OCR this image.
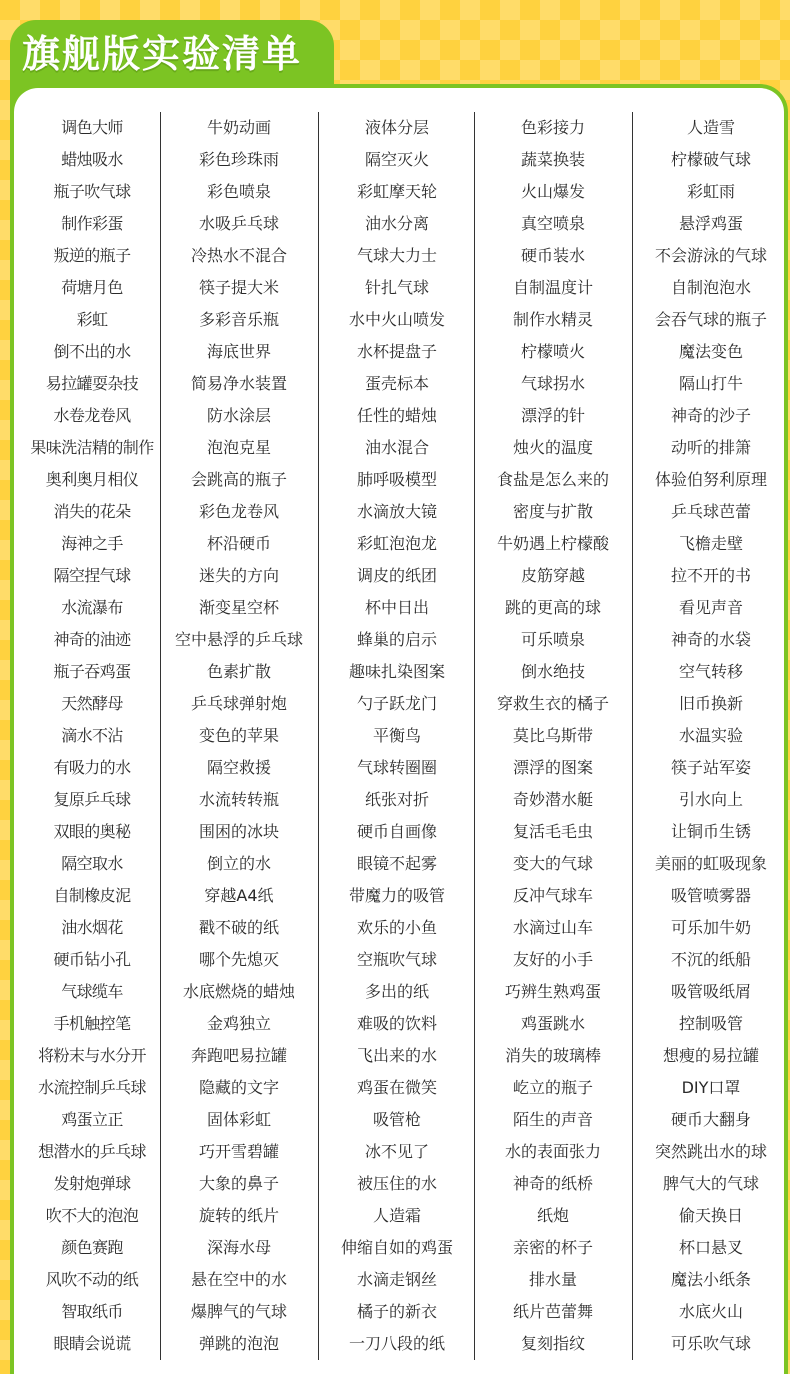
旗舰版实验清单
调色大师
蜡烛吸水
瓶子吹气球
制作彩蛋
叛逆的瓶子
荷塘月色
彩虹
倒不出的水
易拉罐耍杂技
水卷龙卷风
果味洗洁精的制作
奥利奥月相仪
消失的花朵
海神之手
隔空捏气球
水流瀑布
神奇的油迹
瓶子吞鸡蛋
天然酵母
滴水不沾
有吸力的水
复原乒乓球
双眼的奥秘
隔空取水
自制橡皮泥
油水烟花
硬币钻小孔
气球缆车
手机触控笔
将粉末与水分开
水流控制乒乓球
鸡蛋立正
想潜水的乒乓球
发射炮弹球
吹不大的泡泡
颜色赛跑
风吹不动的纸
智取纸币
眼睛会说谎
牛奶动画
彩色珍珠雨
彩色喷泉
水吸乒乓球
冷热水不混合
筷子提大米
多彩音乐瓶
海底世界
简易净水装置
防水涂层
泡泡克星
会跳高的瓶子
彩色龙卷风
杯沿硬币
迷失的方向
渐变星空杯
空中悬浮的乒乓球
色素扩散
乒乓球弹射炮
变色的苹果
隔空救援
水流转转瓶
围困的冰块
倒立的水
穿越A4纸
戳不破的纸
哪个先熄灭
水底燃烧的蜡烛
金鸡独立
奔跑吧易拉罐
隐藏的文字
固体彩虹
巧开雪碧罐
大象的鼻子
旋转的纸片
深海水母
悬在空中的水
爆脾气的气球
弹跳的泡泡
液体分层
隔空灭火
彩虹摩天轮
油水分离
气球大力士
针扎气球
水中火山喷发
水杯提盘子
蛋壳标本
任性的蜡烛
油水混合
肺呼吸模型
水滴放大镜
彩虹泡泡龙
调皮的纸团
杯中日出
蜂巢的启示
趣味扎染图案
勺子跃龙门
平衡鸟
气球转圈圈
纸张对折
硬币自画像
眼镜不起雾
带魔力的吸管
欢乐的小鱼
空瓶吹气球
多出的纸
难吸的饮料
飞出来的水
鸡蛋在微笑
吸管枪
冰不见了
被压住的水
人造霜
伸缩自如的鸡蛋
水滴走钢丝
橘子的新衣
一刀八段的纸
色彩接力
蔬菜换装
火山爆发
真空喷泉
硬币装水
自制温度计
制作水精灵
柠檬喷火
气球拐水
漂浮的针
烛火的温度
食盐是怎么来的
密度与扩散
牛奶遇上柠檬酸
皮筋穿越
跳的更高的球
可乐喷泉
倒水绝技
穿救生衣的橘子
莫比乌斯带
漂浮的图案
奇妙潜水艇
复活毛毛虫
变大的气球
反冲气球车
水滴过山车
友好的小手
巧辨生熟鸡蛋
鸡蛋跳水
消失的玻璃棒
屹立的瓶子
陌生的声音
水的表面张力
神奇的纸桥
纸炮
亲密的杯子
排水量
纸片芭蕾舞
复刻指纹
人造雪
柠檬破气球
彩虹雨
悬浮鸡蛋
不会游泳的气球
自制泡泡水
会吞气球的瓶子
魔法变色
隔山打牛
神奇的沙子
动听的排箫
体验伯努利原理
乒乓球芭蕾
飞檐走壁
拉不开的书
看见声音
神奇的水袋
空气转移
旧币换新
水温实验
筷子站军姿
引水向上
让铜币生锈
美丽的虹吸现象
吸管喷雾器
可乐加牛奶
不沉的纸船
吸管吸纸屑
控制吸管
想瘦的易拉罐
DIY口罩
硬币大翻身
突然跳出水的球
脾气大的气球
偷天换日
杯口悬叉
魔法小纸条
水底火山
可乐吹气球
